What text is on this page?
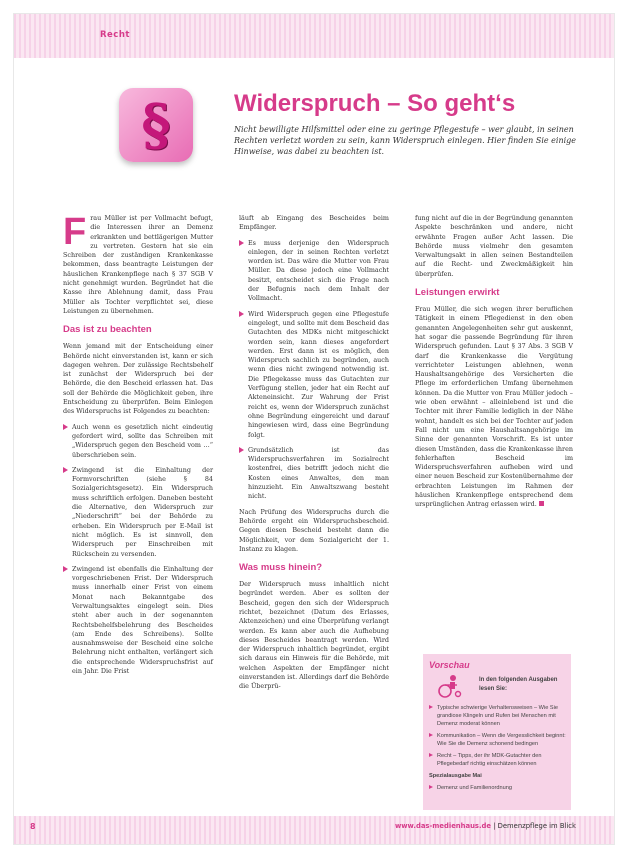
Recht
§	Widerspruch – So geht‘s
Nicht bewilligte Hilfsmittel oder eine zu geringe Pflegestufe – wer glaubt, in seinen Rechten verletzt worden zu sein, kann Widerspruch einlegen. Hier finden Sie einige Hinweise, was dabei zu beachten ist.

Frau Müller ist per Vollmacht befugt, die Interessen ihrer an Demenz erkrankten und bettlägerigen Mutter zu vertreten. Gestern hat sie ein Schreiben der zuständigen Krankenkasse bekommen, dass beantragte Leistungen der häuslichen Krankenpflege nach § 37 SGB V nicht genehmigt wurden. Begründet hat die Kasse ihre Ablehnung damit, dass Frau Müller als Tochter verpflichtet sei, diese Leistungen zu übernehmen.

Das ist zu beachten

Wenn jemand mit der Entscheidung einer Behörde nicht einverstanden ist, kann er sich dagegen wehren. Der zulässige Rechtsbehelf ist zunächst der Widerspruch bei der Behörde, die den Bescheid erlassen hat. Das soll der Behörde die Möglichkeit geben, ihre Entscheidung zu überprüfen. Beim Einlegen des Widerspruchs ist Folgendes zu beachten:

Auch wenn es gesetzlich nicht eindeutig gefordert wird, sollte das Schreiben mit „Widerspruch gegen den Bescheid vom …“ überschrieben sein.
Zwingend ist die Einhaltung der Formvorschriften (siehe § 84 Sozialgerichtsgesetz). Ein Widerspruch muss schriftlich erfolgen. Daneben besteht die Alternative, den Widerspruch zur „Niederschrift“ bei der Behörde zu erheben. Ein Widerspruch per E-Mail ist nicht möglich. Es ist sinnvoll, den Widerspruch per Einschreiben mit Rückschein zu versenden.
Zwingend ist ebenfalls die Einhaltung der vorgeschriebenen Frist. Der Widerspruch muss innerhalb einer Frist von einem Monat nach Bekanntgabe des Verwaltungsaktes eingelegt sein. Dies steht aber auch in der sogenannten Rechtsbehelfsbelehrung des Bescheides (am Ende des Schreibens). Sollte ausnahmsweise der Bescheid eine solche Belehrung nicht enthalten, verlängert sich die entsprechende Widerspruchsfrist auf ein Jahr. Die Frist

läuft ab Eingang des Bescheides beim Empfänger.

Es muss derjenige den Widerspruch einlegen, der in seinen Rechten verletzt worden ist. Das wäre die Mutter von Frau Müller. Da diese jedoch eine Vollmacht besitzt, entscheidet sich die Frage nach der Befugnis nach dem Inhalt der Vollmacht.
Wird Widerspruch gegen eine Pflegestufe eingelegt, und sollte mit dem Bescheid das Gutachten des MDKs nicht mitgeschickt worden sein, kann dieses angefordert werden. Erst dann ist es möglich, den Widerspruch sachlich zu begründen, auch wenn dies nicht zwingend notwendig ist. Die Pflegekasse muss das Gutachten zur Verfügung stellen, jeder hat ein Recht auf Akteneinsicht. Zur Wahrung der Frist reicht es, wenn der Widerspruch zunächst ohne Begründung eingereicht und darauf hingewiesen wird, dass eine Begründung folgt.
Grundsätzlich ist das Widerspruchsverfahren im Sozialrecht kostenfrei, dies betrifft jedoch nicht die Kosten eines Anwaltes, den man hinzuzieht. Ein Anwaltszwang besteht nicht.

Nach Prüfung des Widerspruchs durch die Behörde ergeht ein Widerspruchsbescheid. Gegen diesen Bescheid besteht dann die Möglichkeit, vor dem Sozialgericht der 1. Instanz zu klagen.

Was muss hinein?

Der Widerspruch muss inhaltlich nicht begründet werden. Aber es sollten der Bescheid, gegen den sich der Widerspruch richtet, bezeichnet (Datum des Erlasses, Aktenzeichen) und eine Überprüfung verlangt werden. Es kann aber auch die Aufhebung dieses Bescheides beantragt werden. Wird der Widerspruch inhaltlich begründet, ergibt sich daraus ein Hinweis für die Behörde, mit welchen Aspekten der Empfänger nicht einverstanden ist. Allerdings darf die Behörde die Überprü-

fung nicht auf die in der Begründung genannten Aspekte beschränken und andere, nicht erwähnte Fragen außer Acht lassen. Die Behörde muss vielmehr den gesamten Verwaltungsakt in allen seinen Bestandteilen auf die Recht- und Zweckmäßigkeit hin überprüfen.

Leistungen erwirkt

Frau Müller, die sich wegen ihrer beruflichen Tätigkeit in einem Pflegedienst in den oben genannten Angelegenheiten sehr gut auskennt, hat sogar die passende Begründung für ihren Widerspruch gefunden. Laut § 37 Abs. 3 SGB V darf die Krankenkasse die Vergütung verrichteter Leistungen ablehnen, wenn Haushaltsangehörige des Versicherten die Pflege im erforderlichen Umfang übernehmen können. Da die Mutter von Frau Müller jedoch – wie oben erwähnt – alleinlebend ist und die Tochter mit ihrer Familie lediglich in der Nähe wohnt, handelt es sich bei der Tochter auf jeden Fall nicht um eine Haushaltsangehörige im Sinne der genannten Vorschrift. Es ist unter diesen Umständen, dass die Krankenkasse ihren fehlerhaften Bescheid im Widerspruchsverfahren aufheben wird und einer neuen Bescheid zur Kostenübernahme der erbrachten Leistungen im Rahmen der häuslichen Krankenpflege entsprechend dem ursprünglichen Antrag erlassen wird.

Vorschau
In den folgenden Ausgaben lesen Sie:
Typische schwierige Verhaltensweisen – Wie Sie grandiose Klingeln und Rufen bei Menschen mit Demenz moderat können
Kommunikation – Wenn die Vergesslichkeit beginnt: Wie Sie die Demenz schonend bedingen
Recht – Tipps, der ihr MDK-Gutachter den Pflegebedarf richtig einschätzen können
Spezialausgabe Mai
Demenz und Familienordnung
8	www.das-medienhaus.de | Demenzpflege im Blick
